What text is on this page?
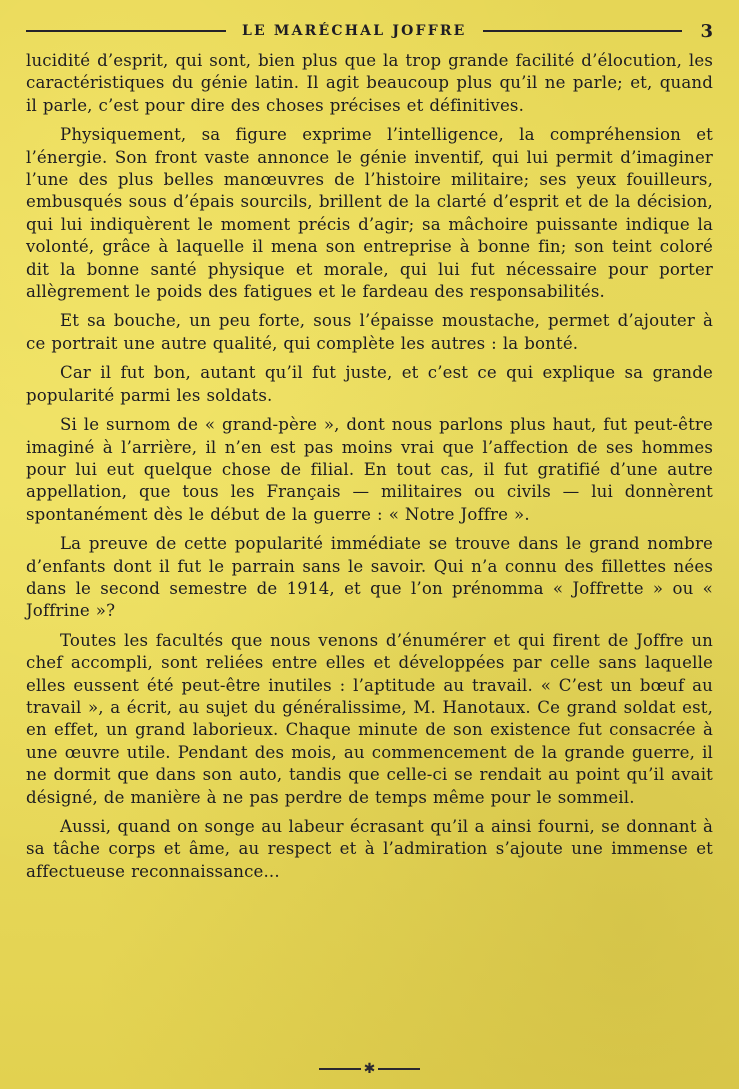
LE MARÉCHAL JOFFRE	3

lucidité d’esprit, qui sont, bien plus que la trop grande facilité d’élocution, les caractéristiques du génie latin. Il agit beaucoup plus qu’il ne parle; et, quand il parle, c’est pour dire des choses précises et définitives.

Physiquement, sa figure exprime l’intelligence, la compréhension et l’énergie. Son front vaste annonce le génie inventif, qui lui permit d’imaginer l’une des plus belles manœuvres de l’histoire militaire; ses yeux fouilleurs, embusqués sous d’épais sourcils, brillent de la clarté d’esprit et de la décision, qui lui indiquèrent le moment précis d’agir; sa mâchoire puissante indique la volonté, grâce à laquelle il mena son entreprise à bonne fin; son teint coloré dit la bonne santé physique et morale, qui lui fut nécessaire pour porter allègrement le poids des fatigues et le fardeau des responsabilités.

Et sa bouche, un peu forte, sous l’épaisse moustache, permet d’ajouter à ce portrait une autre qualité, qui complète les autres : la bonté.

Car il fut bon, autant qu’il fut juste, et c’est ce qui explique sa grande popularité parmi les soldats.

Si le surnom de « grand-père », dont nous parlons plus haut, fut peut-être imaginé à l’arrière, il n’en est pas moins vrai que l’affection de ses hommes pour lui eut quelque chose de filial. En tout cas, il fut gratifié d’une autre appellation, que tous les Français — militaires ou civils — lui donnèrent spontanément dès le début de la guerre : « Notre Joffre ».

La preuve de cette popularité immédiate se trouve dans le grand nombre d’enfants dont il fut le parrain sans le savoir. Qui n’a connu des fillettes nées dans le second semestre de 1914, et que l’on prénomma « Joffrette » ou « Joffrine »?

Toutes les facultés que nous venons d’énumérer et qui firent de Joffre un chef accompli, sont reliées entre elles et développées par celle sans laquelle elles eussent été peut-être inutiles : l’aptitude au travail. « C’est un bœuf au travail », a écrit, au sujet du généralissime, M. Hanotaux. Ce grand soldat est, en effet, un grand laborieux. Chaque minute de son existence fut consacrée à une œuvre utile. Pendant des mois, au commencement de la grande guerre, il ne dormit que dans son auto, tandis que celle-ci se rendait au point qu’il avait désigné, de manière à ne pas perdre de temps même pour le sommeil.

Aussi, quand on songe au labeur écrasant qu’il a ainsi fourni, se donnant à sa tâche corps et âme, au respect et à l’admiration s’ajoute une immense et affectueuse reconnaissance...

✱
